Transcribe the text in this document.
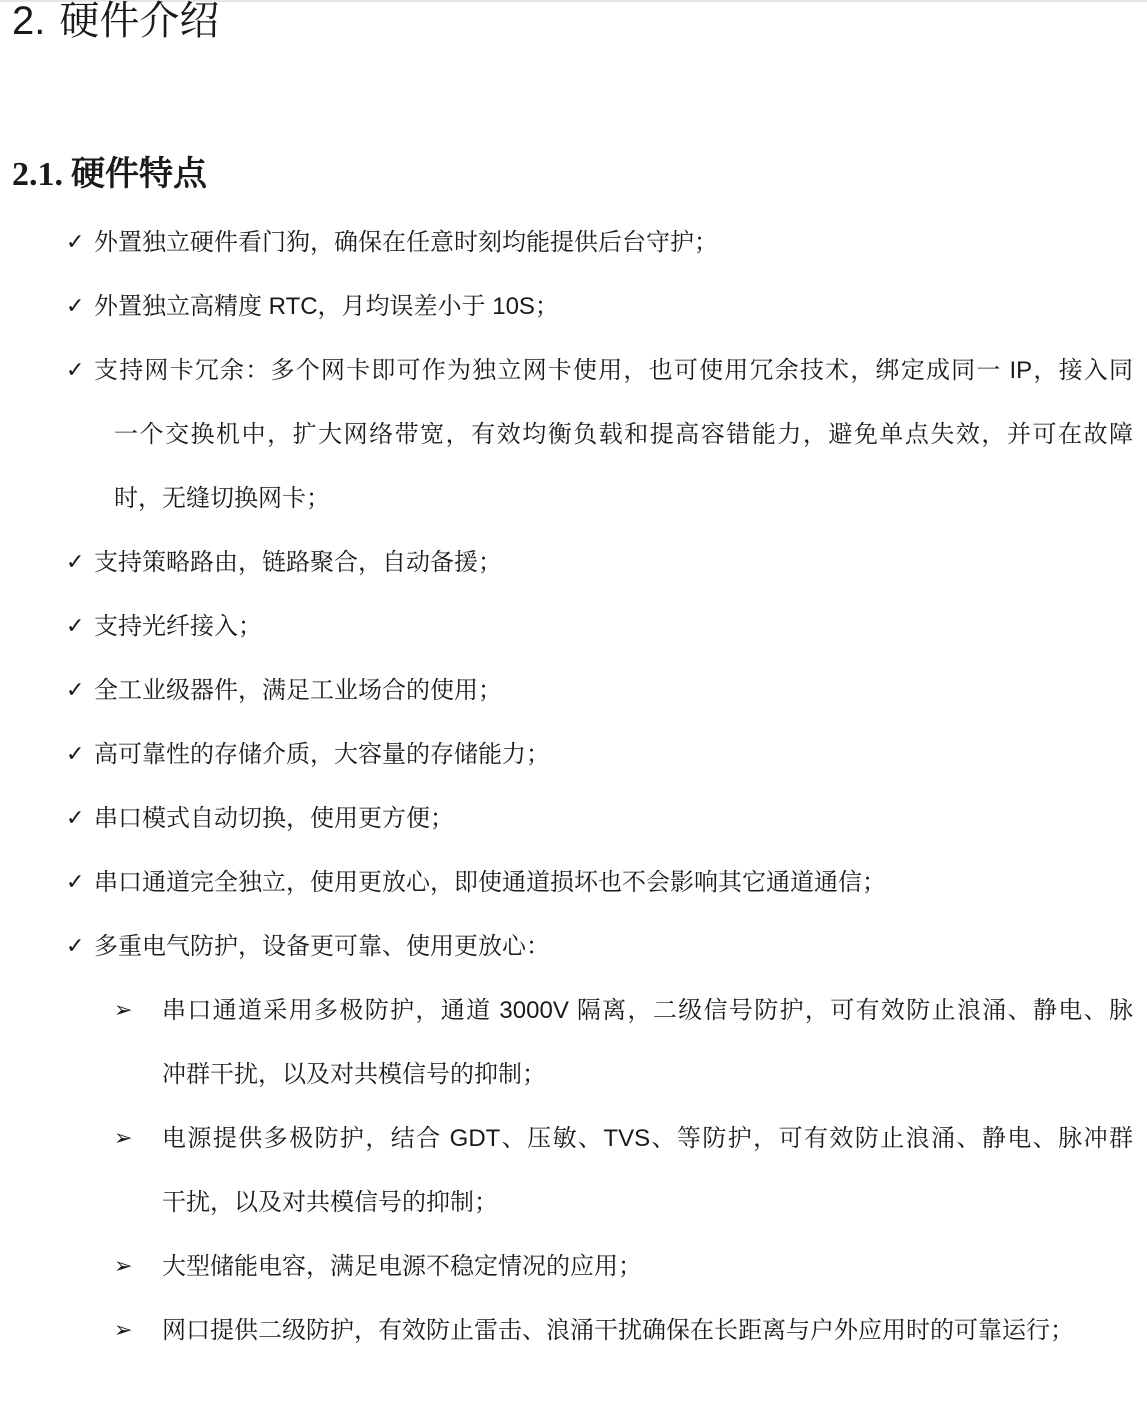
2. 硬件介绍
2.1. 硬件特点
✓ 外置独立硬件看门狗，确保在任意时刻均能提供后台守护；
✓ 外置独立高精度 RTC，月均误差小于 10S；
✓ 支持网卡冗余：多个网卡即可作为独立网卡使用，也可使用冗余技术，绑定成同一 IP，接入同
一个交换机中，扩大网络带宽，有效均衡负载和提高容错能力，避免单点失效，并可在故障
时，无缝切换网卡；
✓ 支持策略路由，链路聚合，自动备援；
✓ 支持光纤接入；
✓ 全工业级器件，满足工业场合的使用；
✓ 高可靠性的存储介质，大容量的存储能力；
✓ 串口模式自动切换，使用更方便；
✓ 串口通道完全独立，使用更放心，即使通道损坏也不会影响其它通道通信；
✓ 多重电气防护，设备更可靠、使用更放心：
➢ 串口通道采用多极防护，通道 3000V 隔离，二级信号防护，可有效防止浪涌、静电、脉
冲群干扰，以及对共模信号的抑制；
➢ 电源提供多极防护，结合 GDT、压敏、TVS、等防护，可有效防止浪涌、静电、脉冲群
干扰，以及对共模信号的抑制；
➢ 大型储能电容，满足电源不稳定情况的应用；
➢ 网口提供二级防护，有效防止雷击、浪涌干扰确保在长距离与户外应用时的可靠运行；
